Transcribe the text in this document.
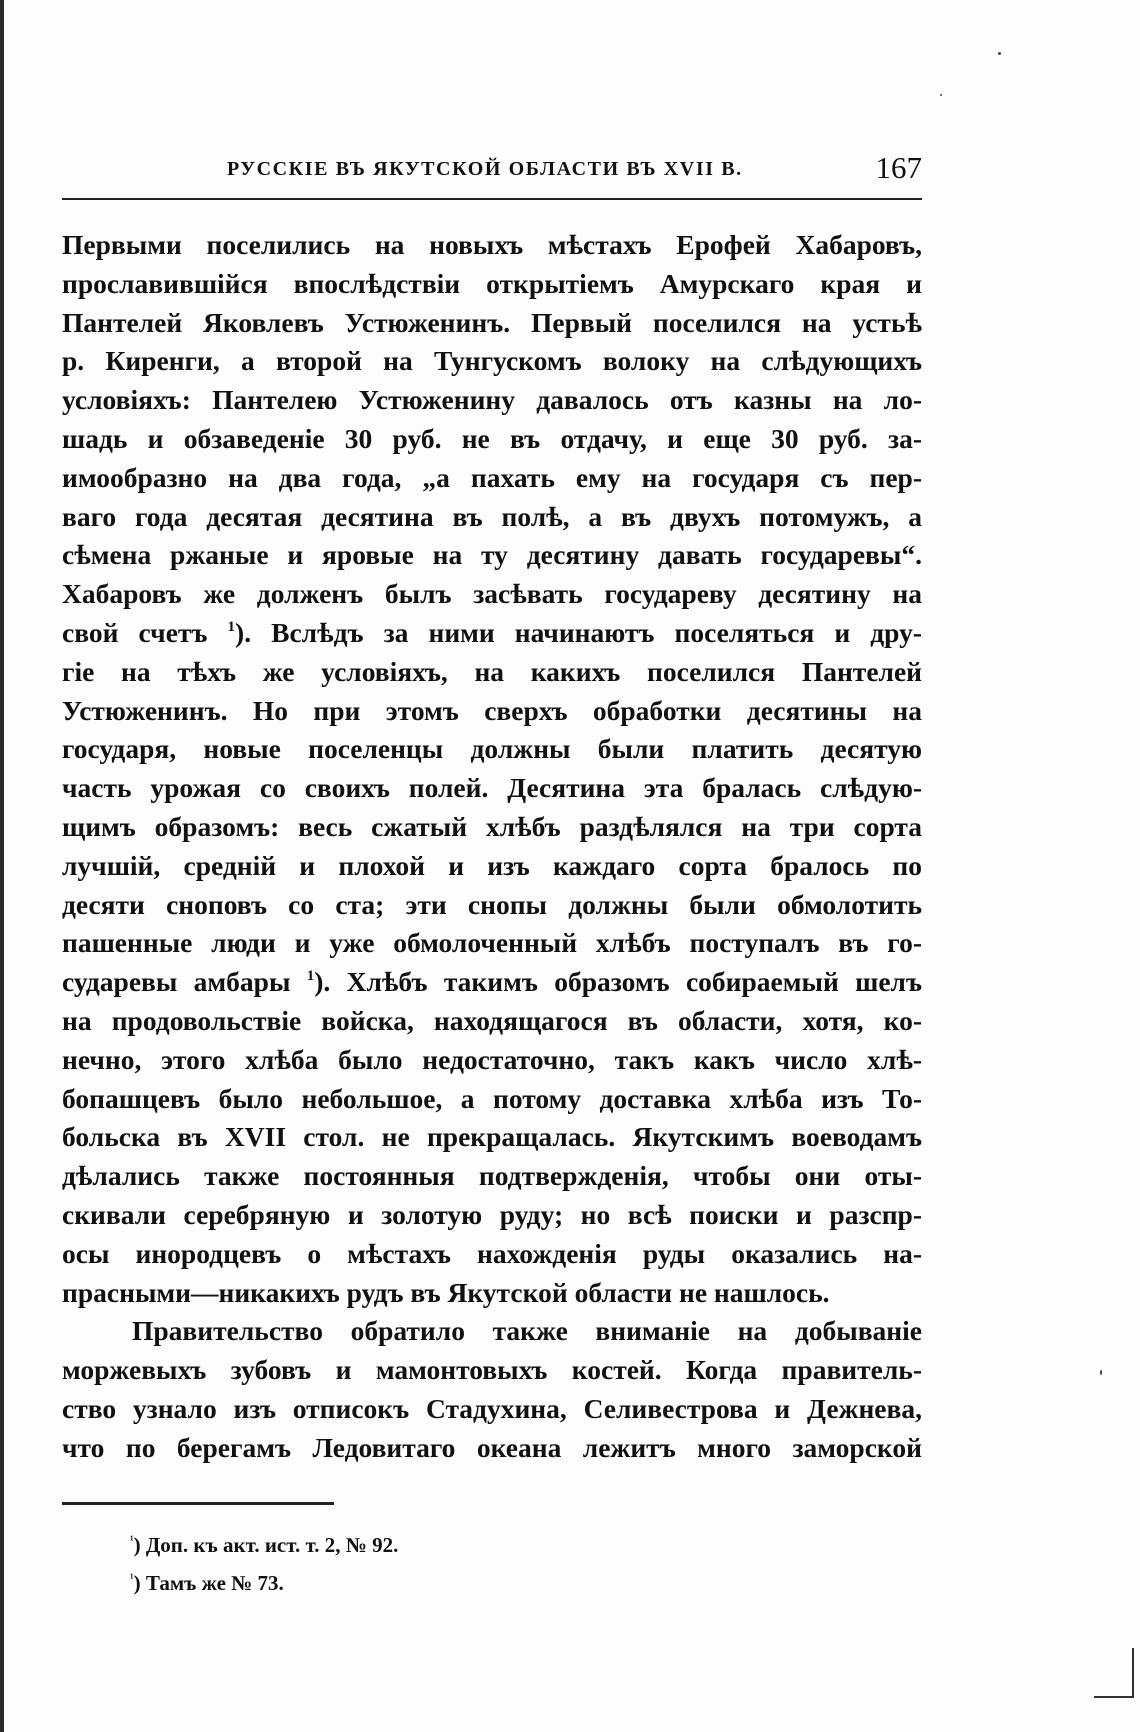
РУССКІЕ ВЪ ЯКУТСКОЙ ОБЛАСТИ ВЪ XVII В.	167

Первыми поселились на новыхъ мѣстахъ Ерофей Хабаровъ,
прославившійся впослѣдствіи открытіемъ Амурскаго края и
Пантелей Яковлевъ Устюженинъ. Первый поселился на устьѣ
р. Киренги, а второй на Тунгускомъ волоку на слѣдующихъ
условіяхъ: Пантелею Устюженину давалось отъ казны на ло-
шадь и обзаведеніе 30 руб. не въ отдачу, и еще 30 руб. за-
имообразно на два года, „а пахать ему на государя съ пер-
ваго года десятая десятина въ полѣ, а въ двухъ потомужъ, а
сѣмена ржаные и яровые на ту десятину давать государевы“.
Хабаровъ же долженъ былъ засѣвать государеву десятину на
свой счетъ $^1$). Вслѣдъ за ними начинаютъ поселяться и дру-
гіе на тѣхъ же условіяхъ, на какихъ поселился Пантелей
Устюженинъ. Но при этомъ сверхъ обработки десятины на
государя, новые поселенцы должны были платить десятую
часть урожая со своихъ полей. Десятина эта бралась слѣдую-
щимъ образомъ: весь сжатый хлѣбъ раздѣлялся на три сорта
лучшій, средній и плохой и изъ каждаго сорта бралось по
десяти сноповъ со ста; эти снопы должны были обмолотить
пашенные люди и уже обмолоченный хлѣбъ поступалъ въ го-
сударевы амбары $^1$). Хлѣбъ такимъ образомъ собираемый шелъ
на продовольствіе войска, находящагося въ области, хотя, ко-
нечно, этого хлѣба было недостаточно, такъ какъ число хлѣ-
бопашцевъ было небольшое, а потому доставка хлѣба изъ То-
больска въ XVII стол. не прекращалась. Якутскимъ воеводамъ
дѣлались также постоянныя подтвержденія, чтобы они оты-
скивали серебряную и золотую руду; но всѣ поиски и разспр-
осы инородцевъ о мѣстахъ нахожденія руды оказались на-
прасными—никакихъ рудъ въ Якутской области не нашлось.

Правительство обратило также вниманіе на добываніе
моржевыхъ зубовъ и мамонтовыхъ костей. Когда правитель-
ство узнало изъ отписокъ Стадухина, Селивестрова и Дежнева,
что по берегамъ Ледовитаго океана лежитъ много заморской

$^{^1}$) Доп. къ акт. ист. т. 2, № 92.
$^{^1}$) Тамъ же № 73.
